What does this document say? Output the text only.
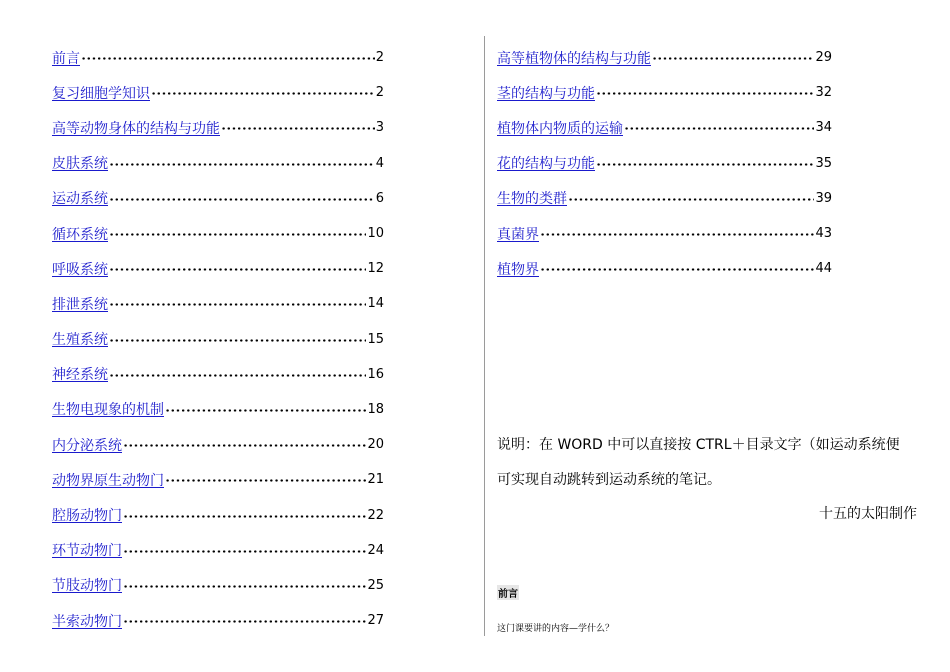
前言	2
复习细胞学知识	2
高等动物身体的结构与功能	3
皮肤系统	4
运动系统	6
循环系统	10
呼吸系统	12
排泄系统	14
生殖系统	15
神经系统	16
生物电现象的机制	18
内分泌系统	20
动物界原生动物门	21
腔肠动物门	22
环节动物门	24
节肢动物门	25
半索动物门	27
高等植物体的结构与功能	29
茎的结构与功能	32
植物体内物质的运输	34
花的结构与功能	35
生物的类群	39
真菌界	43
植物界	44
说明：在 WORD 中可以直接按 CTRL＋目录文字（如运动系统便
可实现自动跳转到运动系统的笔记。
十五的太阳制作
前言
这门课要讲的内容—学什么？
